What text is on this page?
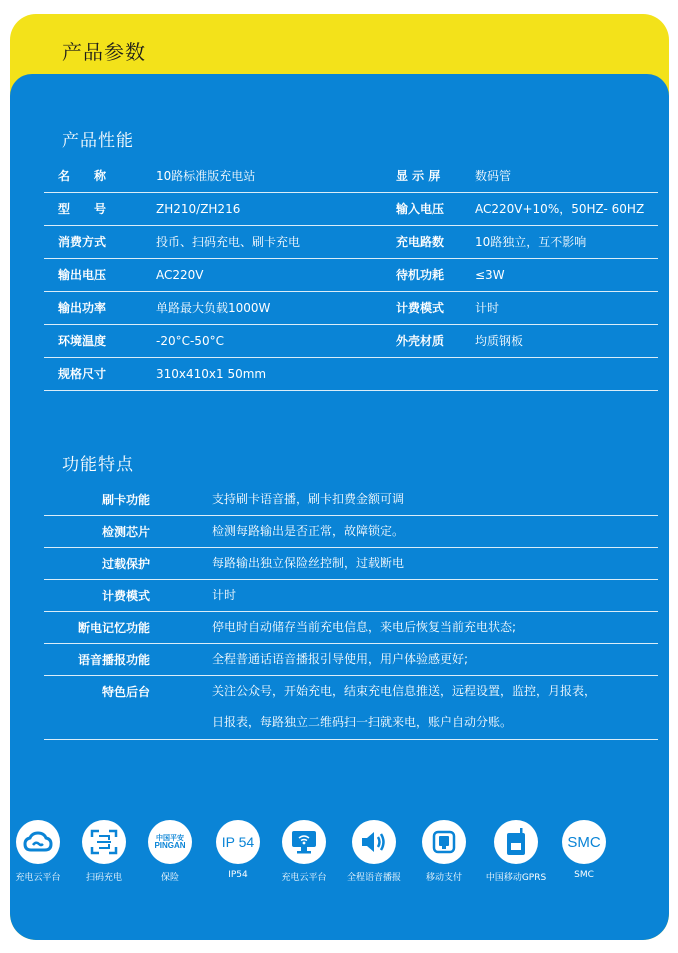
产品参数
产品性能
名　　称	10路标准版充电站	显 示 屏	数码管
型　　号	ZH210/ZH216	输入电压	AC220V+10%，50HZ- 60HZ
消费方式	投币、扫码充电、刷卡充电	充电路数	10路独立，互不影响
输出电压	AC220V	待机功耗	≤3W
输出功率	单路最大负载1000W	计费模式	计时
环境温度	-20°C-50°C	外壳材质	均质钢板
规格尺寸	310x410x1 50mm
功能特点
刷卡功能	支持刷卡语音播，刷卡扣费金额可调
检测芯片	检测每路输出是否正常，故障锁定。
过载保护	每路输出独立保险丝控制，过载断电
计费模式	计时
断电记忆功能	停电时自动储存当前充电信息，来电后恢复当前充电状态;
语音播报功能	全程普通话语音播报引导使用，用户体验感更好;
特色后台	关注公众号，开始充电，结束充电信息推送，远程设置，监控，月报表，
日报表，每路独立二维码扫一扫就来电，账户自动分账。
充电云平台	扫码充电
中国平安
PINGAN
保险
IP 54
IP54	充电云平台	全程语音播报	移动支付	中国移动GPRS
SMC
SMC
